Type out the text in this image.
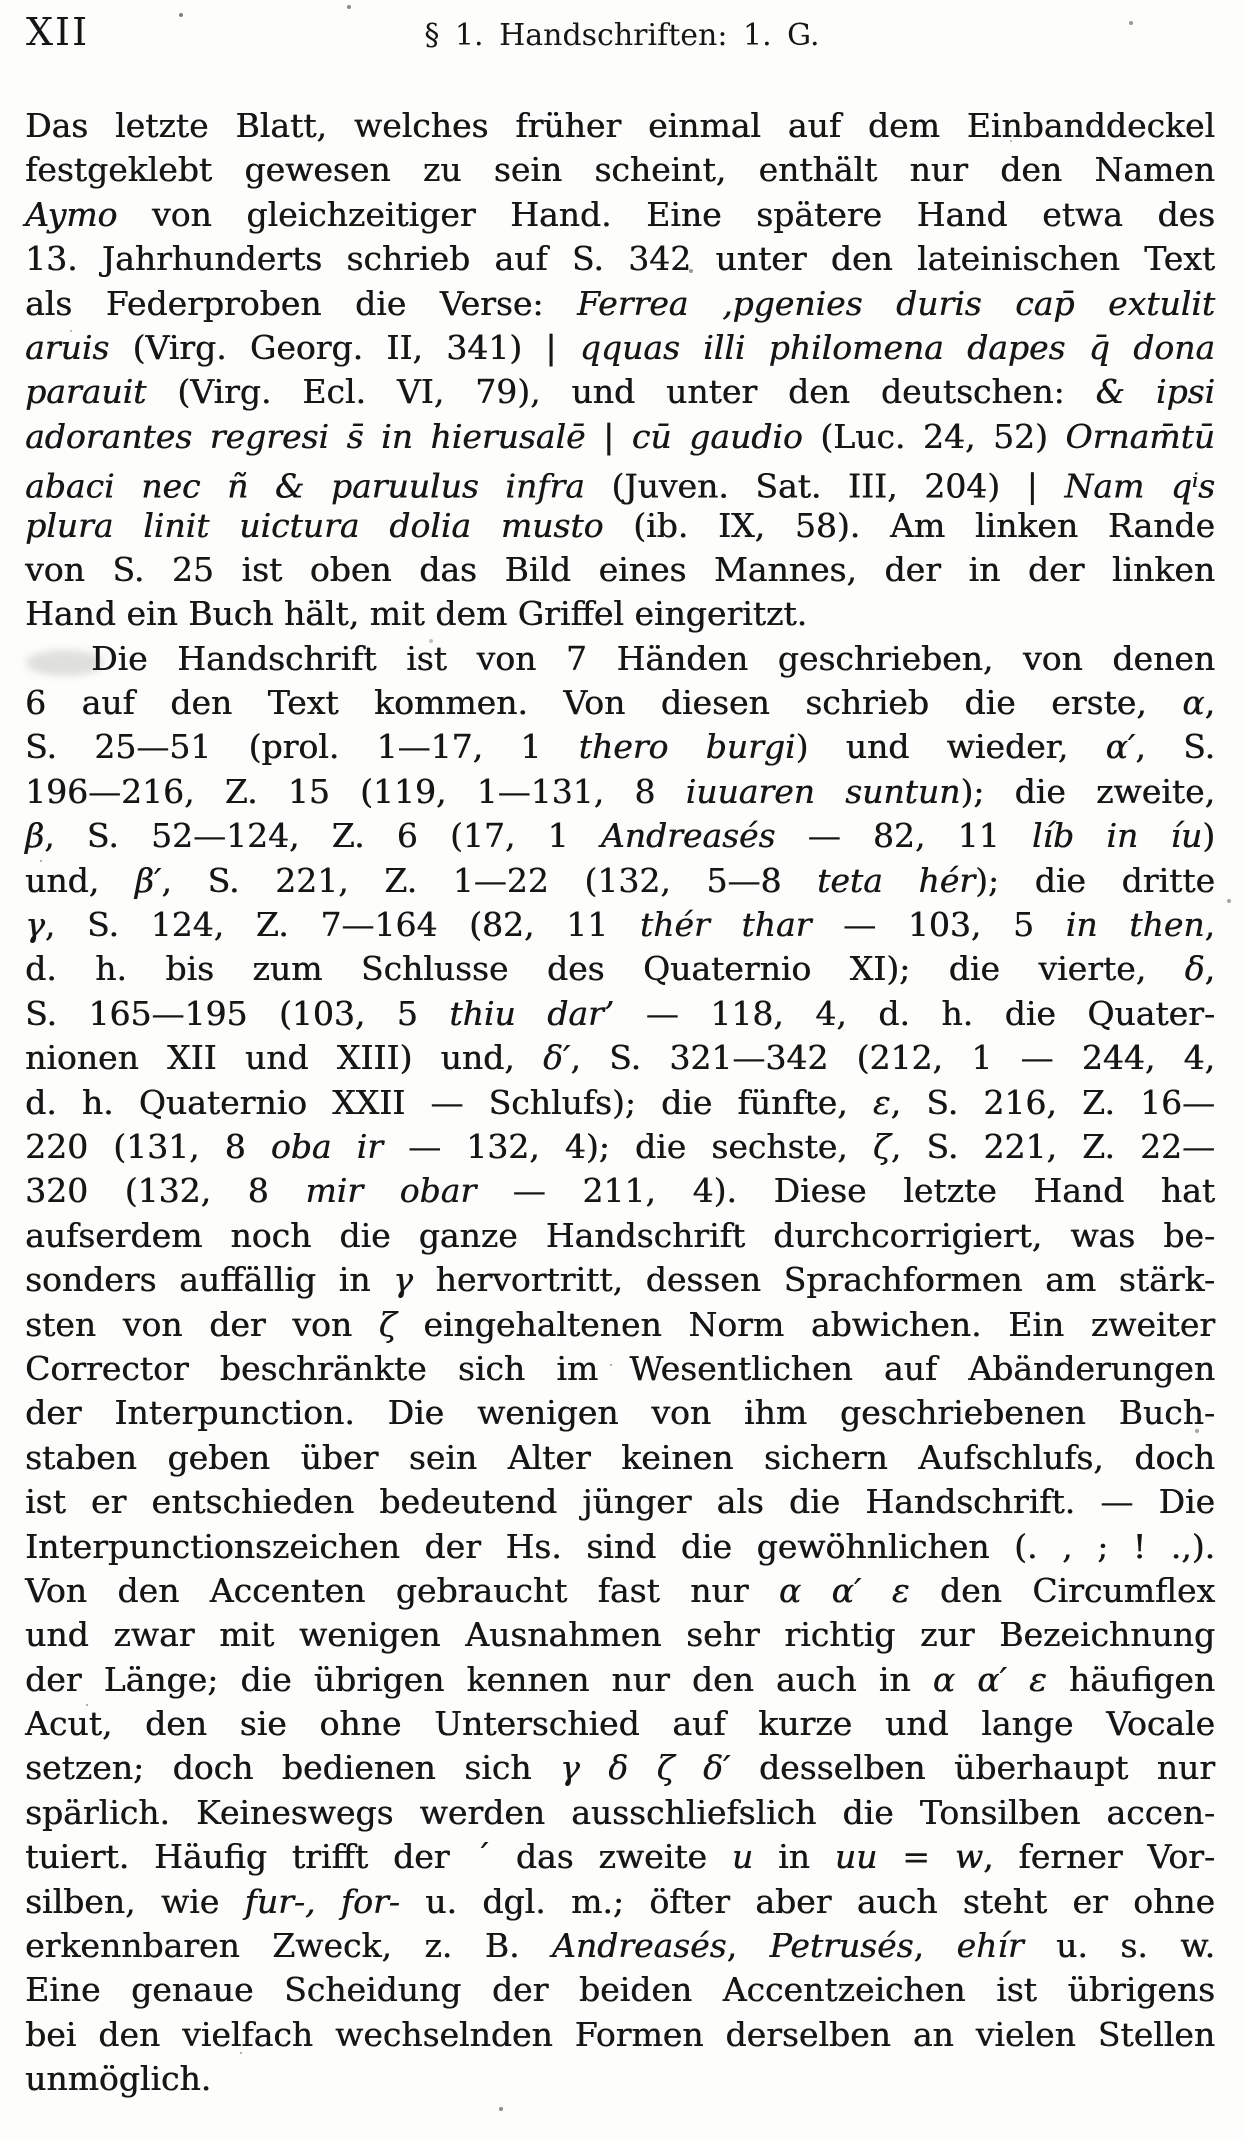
XII	§ 1. Handschriften: 1. G.
Das letzte Blatt, welches früher einmal auf dem Einbanddeckel
festgeklebt gewesen zu sein scheint, enthält nur den Namen
Aymo von gleichzeitiger Hand. Eine spätere Hand etwa des
13. Jahrhunderts schrieb auf S. 342 unter den lateinischen Text
als Federproben die Verse: Ferrea ‚pgenies duris cap̄ extulit
aruis (Virg. Georg. II, 341) | qquas illi philomena dapes q̄ dona
parauit (Virg. Ecl. VI, 79), und unter den deutschen: & ipsi
adorantes regresi s̄ in hierusalē | cū gaudio (Luc. 24, 52) Ornam̄tū
abaci nec ñ & paruulus infra (Juven. Sat. III, 204) | Nam $q^is$
plura linit uictura dolia musto (ib. IX, 58). Am linken Rande
von S. 25 ist oben das Bild eines Mannes, der in der linken
Hand ein Buch hält, mit dem Griffel eingeritzt.
Die Handschrift ist von 7 Händen geschrieben, von denen
6 auf den Text kommen. Von diesen schrieb die erste, α,
S. 25—51 (prol. 1—17, 1 thero burgi) und wieder, α′, S.
196—216, Z. 15 (119, 1—131, 8 iuuaren suntun); die zweite,
β, S. 52—124, Z. 6 (17, 1 Andreasés — 82, 11 líb in íu)
und, β′, S. 221, Z. 1—22 (132, 5—8 teta hér); die dritte
γ, S. 124, Z. 7—164 (82, 11 thér thar — 103, 5 in then,
d. h. bis zum Schlusse des Quaternio XI); die vierte, δ,
S. 165—195 (103, 5 thiu dar’ — 118, 4, d. h. die Quater-
nionen XII und XIII) und, δ′, S. 321—342 (212, 1 — 244, 4,
d. h. Quaternio XXII — Schlufs); die fünfte, ε, S. 216, Z. 16—
220 (131, 8 oba ir — 132, 4); die sechste, ζ, S. 221, Z. 22—
320 (132, 8 mir obar — 211, 4). Diese letzte Hand hat
aufserdem noch die ganze Handschrift durchcorrigiert, was be-
sonders auffällig in γ hervortritt, dessen Sprachformen am stärk-
sten von der von ζ eingehaltenen Norm abwichen. Ein zweiter
Corrector beschränkte sich im Wesentlichen auf Abänderungen
der Interpunction. Die wenigen von ihm geschriebenen Buch-
staben geben über sein Alter keinen sichern Aufschlufs, doch
ist er entschieden bedeutend jünger als die Handschrift. — Die
Interpunctionszeichen der Hs. sind die gewöhnlichen (. , ; ! .,).
Von den Accenten gebraucht fast nur α α′ ε den Circumflex
und zwar mit wenigen Ausnahmen sehr richtig zur Bezeichnung
der Länge; die übrigen kennen nur den auch in α α′ ε häufigen
Acut, den sie ohne Unterschied auf kurze und lange Vocale
setzen; doch bedienen sich γ δ ζ δ′ desselben überhaupt nur
spärlich. Keineswegs werden ausschliefslich die Tonsilben accen-
tuiert. Häufig trifft der ´ das zweite u in uu = w, ferner Vor-
silben, wie fur-, for- u. dgl. m.; öfter aber auch steht er ohne
erkennbaren Zweck, z. B. Andreasés, Petrusés, ehír u. s. w.
Eine genaue Scheidung der beiden Accentzeichen ist übrigens
bei den vielfach wechselnden Formen derselben an vielen Stellen
unmöglich.
